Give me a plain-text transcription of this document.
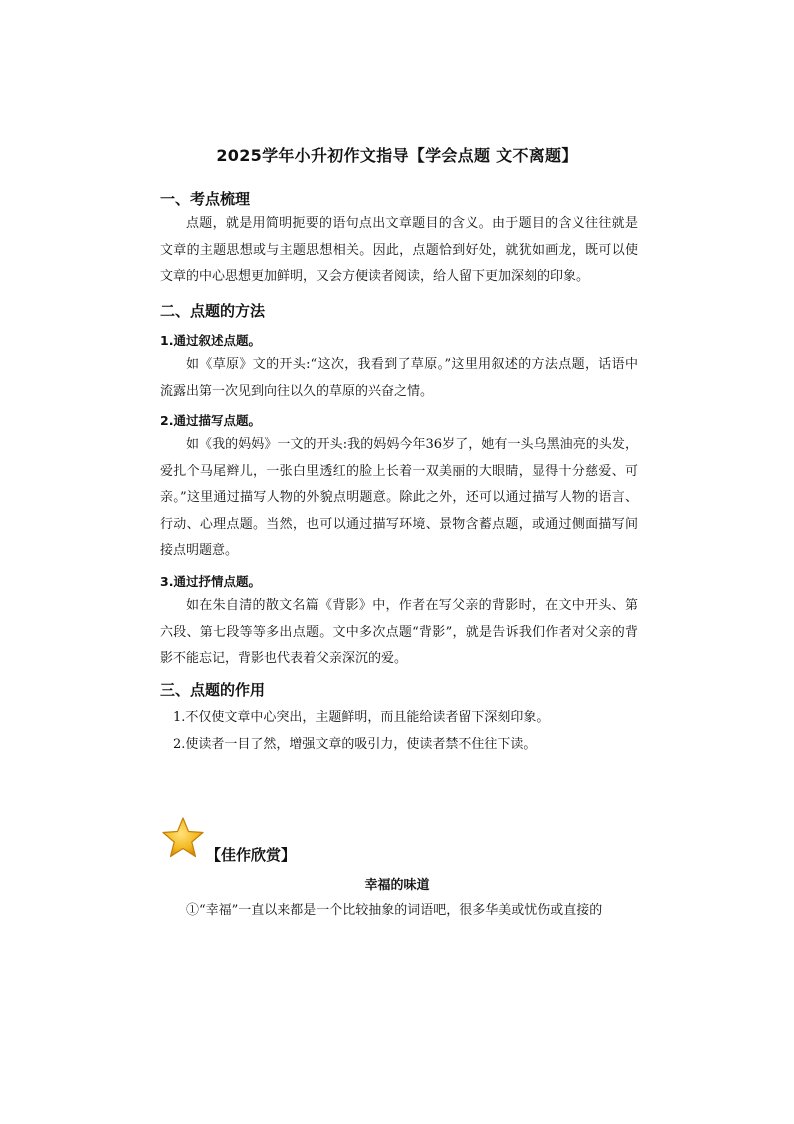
2025学年小升初作文指导【学会点题 文不离题】
一、考点梳理
点题，就是用简明扼要的语句点出文章题目的含义。由于题目的含义往往就是文章的主题思想或与主题思想相关。因此，点题恰到好处，就犹如画龙，既可以使文章的中心思想更加鲜明，又会方便读者阅读，给人留下更加深刻的印象。
二、点题的方法
1.通过叙述点题。
如《草原》文的开头:“这次，我看到了草原。”这里用叙述的方法点题，话语中流露出第一次见到向往以久的草原的兴奋之情。
2.通过描写点题。
如《我的妈妈》一文的开头:我的妈妈今年36岁了，她有一头乌黑油亮的头发，爱扎个马尾辫儿，一张白里透红的脸上长着一双美丽的大眼睛，显得十分慈爱、可亲。”这里通过描写人物的外貌点明题意。除此之外，还可以通过描写人物的语言、行动、心理点题。当然，也可以通过描写环境、景物含蓄点题，或通过侧面描写间接点明题意。
3.通过抒情点题。
如在朱自清的散文名篇《背影》中，作者在写父亲的背影时，在文中开头、第六段、第七段等等多出点题。文中多次点题“背影”，就是告诉我们作者对父亲的背影不能忘记，背影也代表着父亲深沉的爱。
三、点题的作用
1.不仅使文章中心突出，主题鲜明，而且能给读者留下深刻印象。
2.使读者一目了然，增强文章的吸引力，使读者禁不住往下读。
【佳作欣赏】
幸福的味道
①“幸福”一直以来都是一个比较抽象的词语吧，很多华美或忧伤或直接的
